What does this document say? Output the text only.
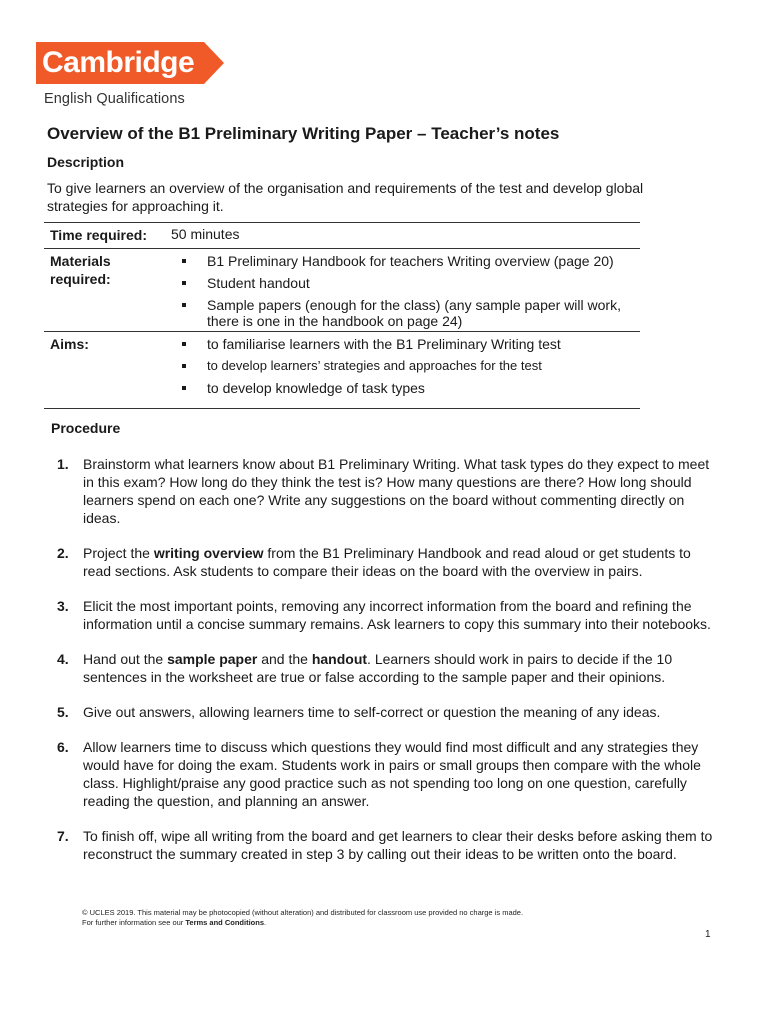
Cambridge
English Qualifications
Overview of the B1 Preliminary Writing Paper – Teacher’s notes
Description
To give learners an overview of the organisation and requirements of the test and develop global strategies for approaching it.
Time required: 50 minutes
Materials required:
B1 Preliminary Handbook for teachers Writing overview (page 20)
Student handout
Sample papers (enough for the class) (any sample paper will work, there is one in the handbook on page 24)
Aims:	to familiarise learners with the B1 Preliminary Writing test
to develop learners’ strategies and approaches for the test
to develop knowledge of task types
Procedure
1. Brainstorm what learners know about B1 Preliminary Writing. What task types do they expect to meet in this exam? How long do they think the test is? How many questions are there? How long should learners spend on each one? Write any suggestions on the board without commenting directly on ideas.
2. Project the writing overview from the B1 Preliminary Handbook and read aloud or get students to read sections. Ask students to compare their ideas on the board with the overview in pairs.
3. Elicit the most important points, removing any incorrect information from the board and refining the information until a concise summary remains. Ask learners to copy this summary into their notebooks.
4. Hand out the sample paper and the handout. Learners should work in pairs to decide if the 10 sentences in the worksheet are true or false according to the sample paper and their opinions.
5. Give out answers, allowing learners time to self-correct or question the meaning of any ideas.
6. Allow learners time to discuss which questions they would find most difficult and any strategies they would have for doing the exam. Students work in pairs or small groups then compare with the whole class. Highlight/praise any good practice such as not spending too long on one question, carefully reading the question, and planning an answer.
7. To finish off, wipe all writing from the board and get learners to clear their desks before asking them to reconstruct the summary created in step 3 by calling out their ideas to be written onto the board.
© UCLES 2019. This material may be photocopied (without alteration) and distributed for classroom use provided no charge is made.
For further information see our Terms and Conditions.
1
